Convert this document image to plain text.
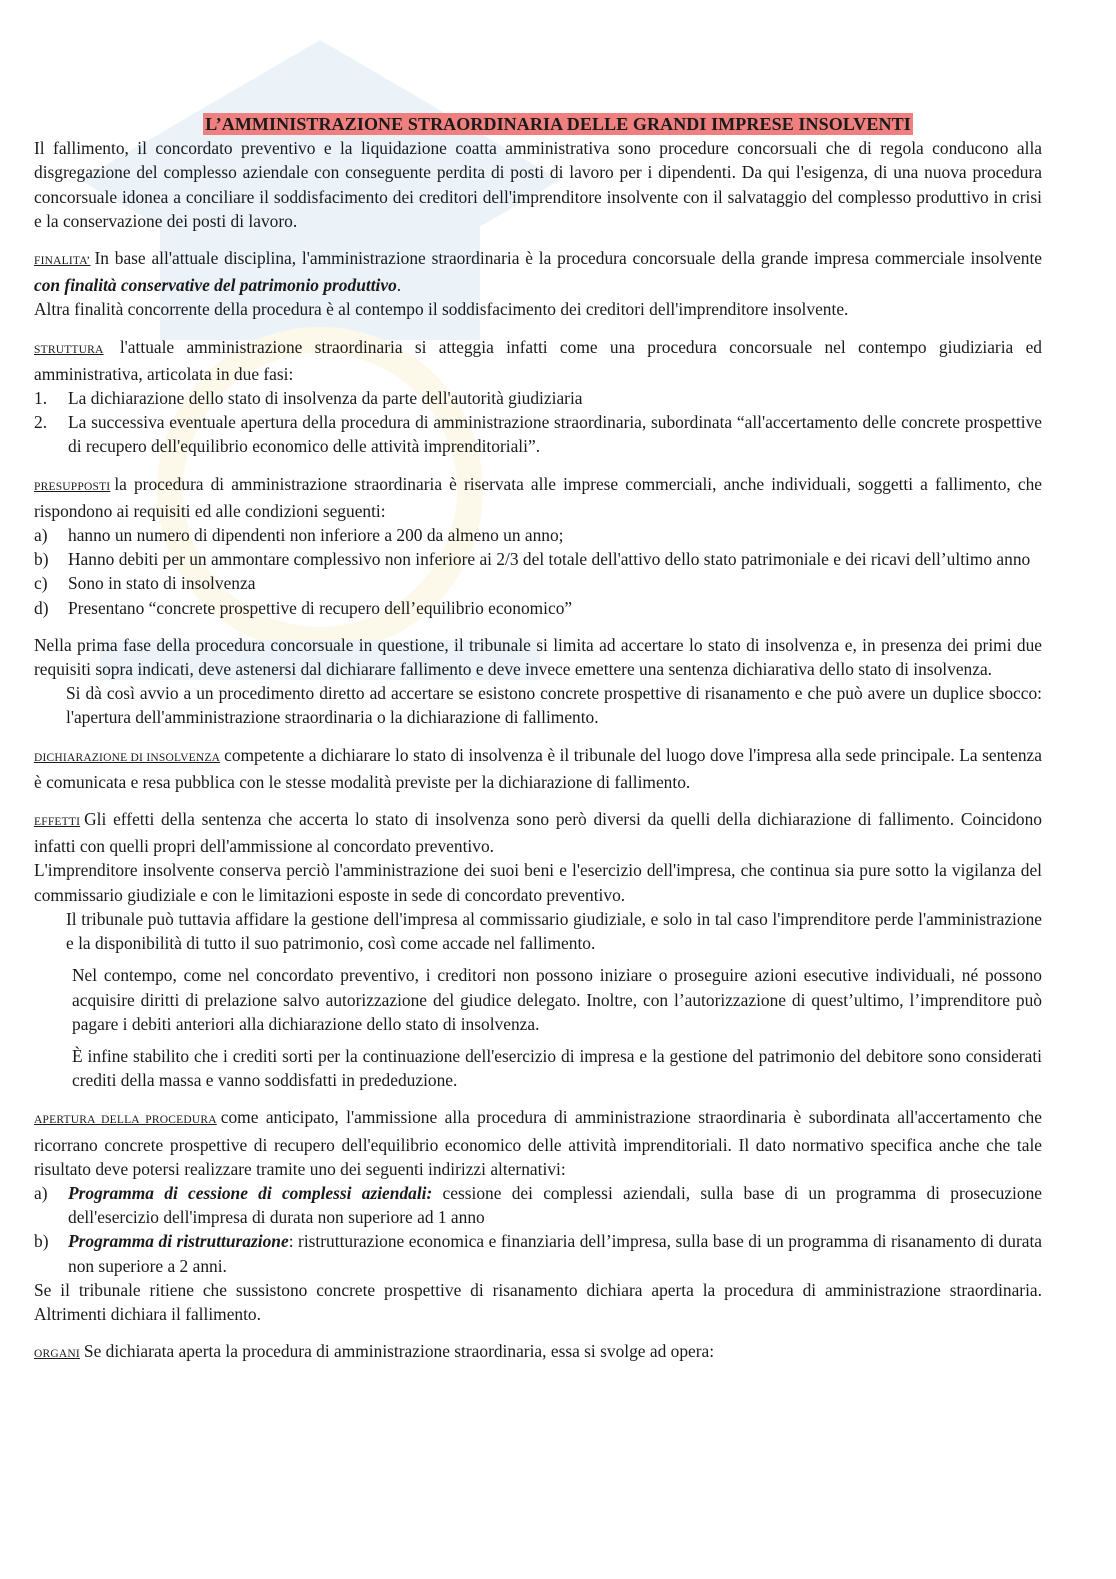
L’AMMINISTRAZIONE STRAORDINARIA DELLE GRANDI IMPRESE INSOLVENTI

Il fallimento, il concordato preventivo e la liquidazione coatta amministrativa sono procedure concorsuali che di regola conducono alla disgregazione del complesso aziendale con conseguente perdita di posti di lavoro per i dipendenti. Da qui l'esigenza, di una nuova procedura concorsuale idonea a conciliare il soddisfacimento dei creditori dell'imprenditore insolvente con il salvataggio del complesso produttivo in crisi e la conservazione dei posti di lavoro.

FINALITA’ In base all'attuale disciplina, l'amministrazione straordinaria è la procedura concorsuale della grande impresa commerciale insolvente con finalità conservative del patrimonio produttivo.

Altra finalità concorrente della procedura è al contempo il soddisfacimento dei creditori dell'imprenditore insolvente.

STRUTTURA l'attuale amministrazione straordinaria si atteggia infatti come una procedura concorsuale nel contempo giudiziaria ed amministrativa, articolata in due fasi:

1. La dichiarazione dello stato di insolvenza da parte dell'autorità giudiziaria
2. La successiva eventuale apertura della procedura di amministrazione straordinaria, subordinata “all'accertamento delle concrete prospettive di recupero dell'equilibrio economico delle attività imprenditoriali”.

PRESUPPOSTI la procedura di amministrazione straordinaria è riservata alle imprese commerciali, anche individuali, soggetti a fallimento, che rispondono ai requisiti ed alle condizioni seguenti:

a) hanno un numero di dipendenti non inferiore a 200 da almeno un anno;
b) Hanno debiti per un ammontare complessivo non inferiore ai 2/3 del totale dell'attivo dello stato patrimoniale e dei ricavi dell’ultimo anno
c) Sono in stato di insolvenza
d) Presentano “concrete prospettive di recupero dell’equilibrio economico”

Nella prima fase della procedura concorsuale in questione, il tribunale si limita ad accertare lo stato di insolvenza e, in presenza dei primi due requisiti sopra indicati, deve astenersi dal dichiarare fallimento e deve invece emettere una sentenza dichiarativa dello stato di insolvenza.

Si dà così avvio a un procedimento diretto ad accertare se esistono concrete prospettive di risanamento e che può avere un duplice sbocco: l'apertura dell'amministrazione straordinaria o la dichiarazione di fallimento.

DICHIARAZIONE DI INSOLVENZA competente a dichiarare lo stato di insolvenza è il tribunale del luogo dove l'impresa alla sede principale. La sentenza è comunicata e resa pubblica con le stesse modalità previste per la dichiarazione di fallimento.

EFFETTI Gli effetti della sentenza che accerta lo stato di insolvenza sono però diversi da quelli della dichiarazione di fallimento. Coincidono infatti con quelli propri dell'ammissione al concordato preventivo.

L'imprenditore insolvente conserva perciò l'amministrazione dei suoi beni e l'esercizio dell'impresa, che continua sia pure sotto la vigilanza del commissario giudiziale e con le limitazioni esposte in sede di concordato preventivo.

Il tribunale può tuttavia affidare la gestione dell'impresa al commissario giudiziale, e solo in tal caso l'imprenditore perde l'amministrazione e la disponibilità di tutto il suo patrimonio, così come accade nel fallimento.

Nel contempo, come nel concordato preventivo, i creditori non possono iniziare o proseguire azioni esecutive individuali, né possono acquisire diritti di prelazione salvo autorizzazione del giudice delegato. Inoltre, con l’autorizzazione di quest’ultimo, l’imprenditore può pagare i debiti anteriori alla dichiarazione dello stato di insolvenza.

È infine stabilito che i crediti sorti per la continuazione dell'esercizio di impresa e la gestione del patrimonio del debitore sono considerati crediti della massa e vanno soddisfatti in prededuzione.

APERTURA DELLA PROCEDURA come anticipato, l'ammissione alla procedura di amministrazione straordinaria è subordinata all'accertamento che ricorrano concrete prospettive di recupero dell'equilibrio economico delle attività imprenditoriali. Il dato normativo specifica anche che tale risultato deve potersi realizzare tramite uno dei seguenti indirizzi alternativi:

a) Programma di cessione di complessi aziendali: cessione dei complessi aziendali, sulla base di un programma di prosecuzione dell'esercizio dell'impresa di durata non superiore ad 1 anno
b) Programma di ristrutturazione: ristrutturazione economica e finanziaria dell’impresa, sulla base di un programma di risanamento di durata non superiore a 2 anni.

Se il tribunale ritiene che sussistono concrete prospettive di risanamento dichiara aperta la procedura di amministrazione straordinaria. Altrimenti dichiara il fallimento.

ORGANI Se dichiarata aperta la procedura di amministrazione straordinaria, essa si svolge ad opera:
